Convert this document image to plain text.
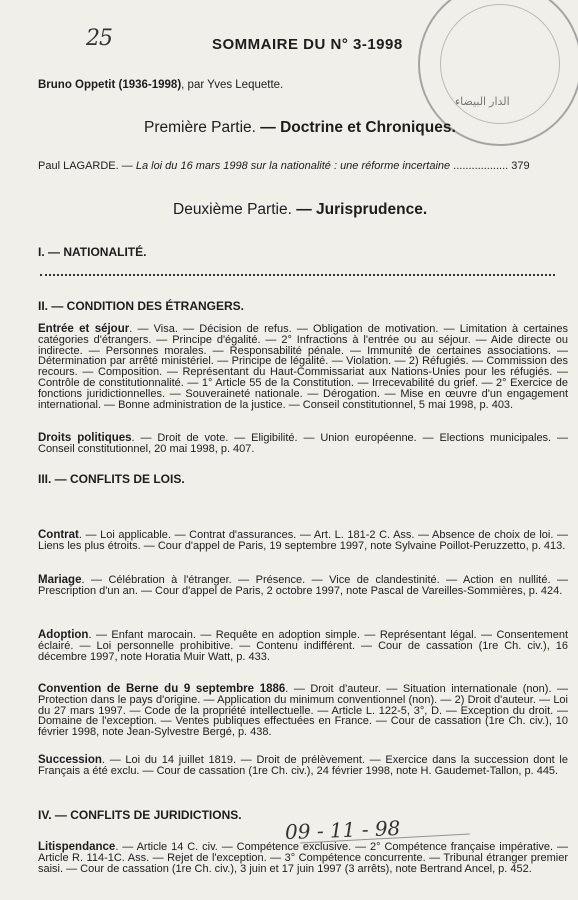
الدار البيضاء
25	SOMMAIRE DU N° 3-1998
Bruno Oppetit (1936-1998), par Yves Lequette.
Première Partie. — Doctrine et Chroniques.
Paul LAGARDE. — La loi du 16 mars 1998 sur la nationalité : une réforme incertaine .................. 379
Deuxième Partie. — Jurisprudence.
I. — NATIONALITÉ.
II. — CONDITION DES ÉTRANGERS.
Entrée et séjour. — Visa. — Décision de refus. — Obligation de motivation. — Limitation à certaines catégories d'étrangers. — Principe d'égalité. — 2° Infractions à l'entrée ou au séjour. — Aide directe ou indirecte. — Personnes morales. — Responsabilité pénale. — Immunité de certaines associations. — Détermination par arrêté ministériel. — Principe de légalité. — Violation. — 2) Réfugiés. — Commission des recours. — Composition. — Représentant du Haut-Commissariat aux Nations-Unies pour les réfugiés. — Contrôle de constitutionnalité. — 1° Article 55 de la Constitution. — Irrecevabilité du grief. — 2° Exercice de fonctions juridictionnelles. — Souveraineté nationale. — Dérogation. — Mise en œuvre d'un engagement international. — Bonne administration de la justice. — Conseil constitutionnel, 5 mai 1998, p. 403.
Droits politiques. — Droit de vote. — Eligibilité. — Union européenne. — Elections municipales. — Conseil constitutionnel, 20 mai 1998, p. 407.
III. — CONFLITS DE LOIS.
Contrat. — Loi applicable. — Contrat d'assurances. — Art. L. 181-2 C. Ass. — Absence de choix de loi. — Liens les plus étroits. — Cour d'appel de Paris, 19 septembre 1997, note Sylvaine Poillot-Peruzzetto, p. 413.
Mariage. — Célébration à l'étranger. — Présence. — Vice de clandestinité. — Action en nullité. — Prescription d'un an. — Cour d'appel de Paris, 2 octobre 1997, note Pascal de Vareilles-Sommières, p. 424.
Adoption. — Enfant marocain. — Requête en adoption simple. — Représentant légal. — Consentement éclairé. — Loi personnelle prohibitive. — Contenu indifférent. — Cour de cassation (1re Ch. civ.), 16 décembre 1997, note Horatia Muir Watt, p. 433.
Convention de Berne du 9 septembre 1886. — Droit d'auteur. — Situation internationale (non). — Protection dans le pays d'origine. — Application du minimum conventionnel (non). — 2) Droit d'auteur. — Loi du 27 mars 1997. — Code de la propriété intellectuelle. — Article L. 122-5, 3°, D. — Exception du droit. — Domaine de l'exception. — Ventes publiques effectuées en France. — Cour de cassation (1re Ch. civ.), 10 février 1998, note Jean-Sylvestre Bergé, p. 438.
Succession. — Loi du 14 juillet 1819. — Droit de prélèvement. — Exercice dans la succession dont le Français a été exclu. — Cour de cassation (1re Ch. civ.), 24 février 1998, note H. Gaudemet-Tallon, p. 445.
IV. — CONFLITS DE JURIDICTIONS.
09 - 11 - 98
Litispendance. — Article 14 C. civ. — Compétence exclusive. — 2° Compétence française impérative. — Article R. 114-1C. Ass. — Rejet de l'exception. — 3° Compétence concurrente. — Tribunal étranger premier saisi. — Cour de cassation (1re Ch. civ.), 3 juin et 17 juin 1997 (3 arrêts), note Bertrand Ancel, p. 452.
